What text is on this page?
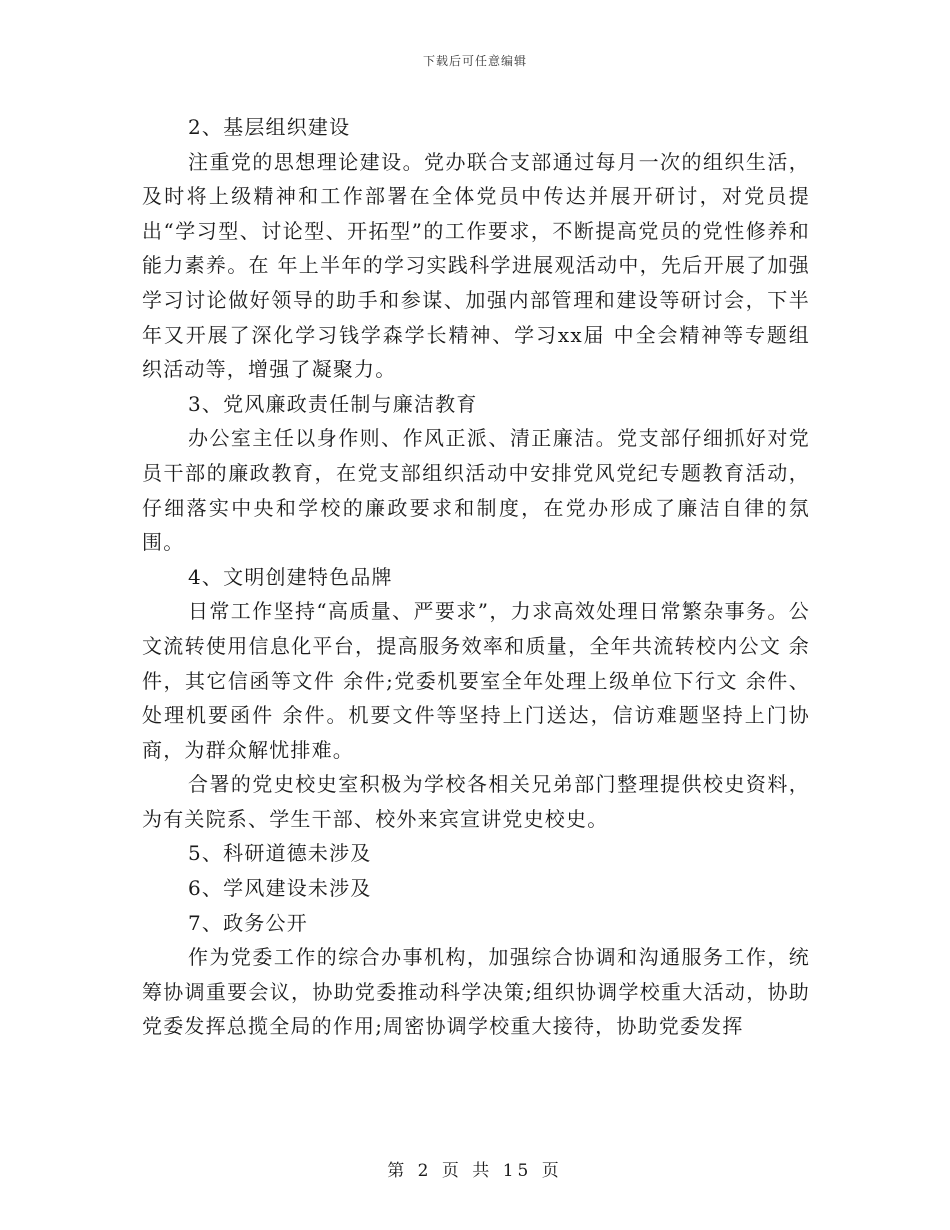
下载后可任意编辑

2、基层组织建设

注重党的思想理论建设。党办联合支部通过每月一次的组织生活，及时将上级精神和工作部署在全体党员中传达并展开研讨，对党员提出“学习型、讨论型、开拓型”的工作要求，不断提高党员的党性修养和能力素养。在 年上半年的学习实践科学进展观活动中，先后开展了加强学习讨论做好领导的助手和参谋、加强内部管理和建设等研讨会，下半年又开展了深化学习钱学森学长精神、学习xx届 中全会精神等专题组织活动等，增强了凝聚力。

3、党风廉政责任制与廉洁教育

办公室主任以身作则、作风正派、清正廉洁。党支部仔细抓好对党员干部的廉政教育，在党支部组织活动中安排党风党纪专题教育活动，仔细落实中央和学校的廉政要求和制度，在党办形成了廉洁自律的氛围。

4、文明创建特色品牌

日常工作坚持“高质量、严要求”，力求高效处理日常繁杂事务。公文流转使用信息化平台，提高服务效率和质量，全年共流转校内公文 余件，其它信函等文件 余件;党委机要室全年处理上级单位下行文 余件、处理机要函件 余件。机要文件等坚持上门送达，信访难题坚持上门协商，为群众解忧排难。

合署的党史校史室积极为学校各相关兄弟部门整理提供校史资料，为有关院系、学生干部、校外来宾宣讲党史校史。

5、科研道德未涉及

6、学风建设未涉及

7、政务公开

作为党委工作的综合办事机构，加强综合协调和沟通服务工作，统筹协调重要会议，协助党委推动科学决策;组织协调学校重大活动，协助党委发挥总揽全局的作用;周密协调学校重大接待，协助党委发挥

第 2 页 共 15 页
